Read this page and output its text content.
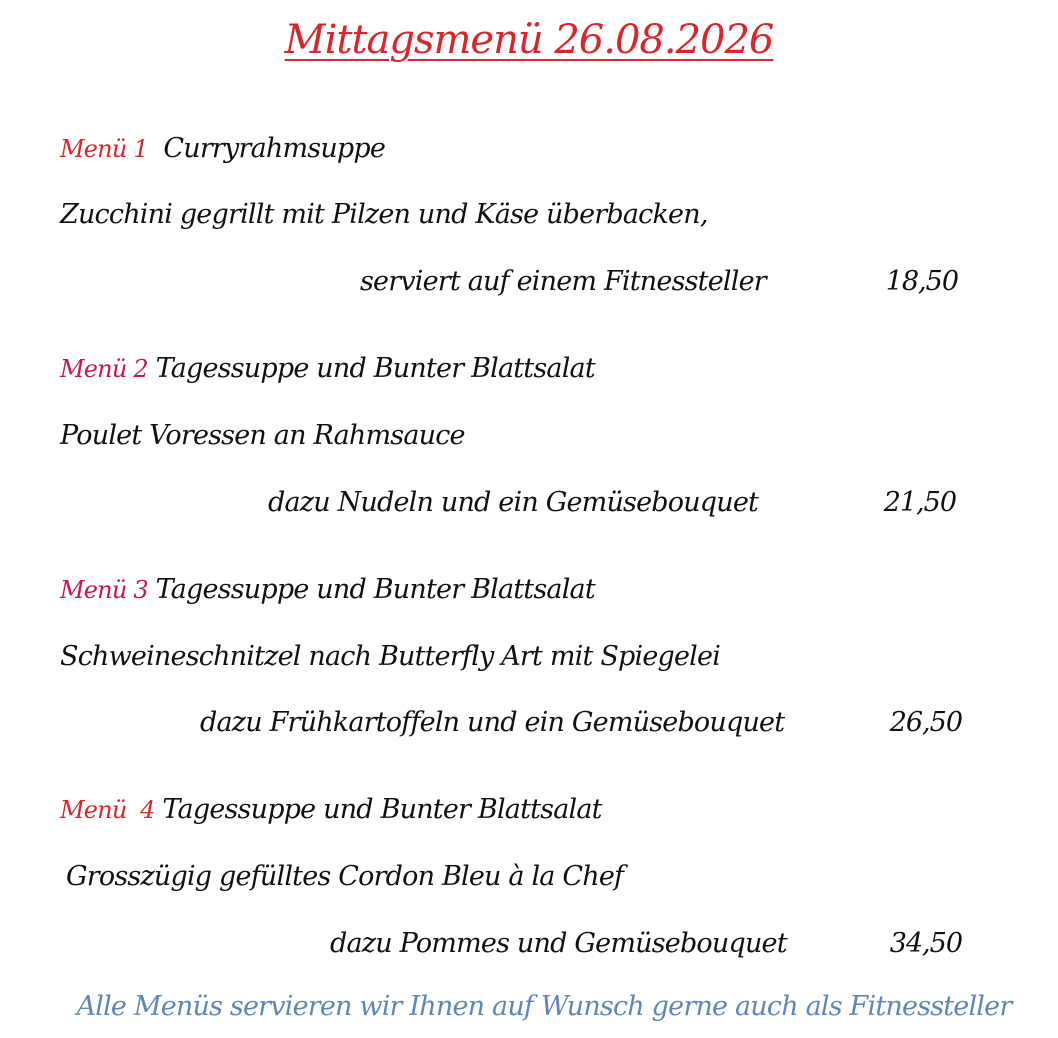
Mittagsmenü 26.08.2026
Menü 1 Curryrahmsuppe
Zucchini gegrillt mit Pilzen und Käse überbacken,
serviert auf einem Fitnessteller	18,50
Menü 2 Tagessuppe und Bunter Blattsalat
Poulet Voressen an Rahmsauce
dazu Nudeln und ein Gemüsebouquet	21,50
Menü 3 Tagessuppe und Bunter Blattsalat
Schweineschnitzel nach Butterfly Art mit Spiegelei
dazu Frühkartoffeln und ein Gemüsebouquet	26,50
Menü  4 Tagessuppe und Bunter Blattsalat
Grosszügig gefülltes Cordon Bleu à la Chef
dazu Pommes und Gemüsebouquet	34,50
Alle Menüs servieren wir Ihnen auf Wunsch gerne auch als Fitnessteller
